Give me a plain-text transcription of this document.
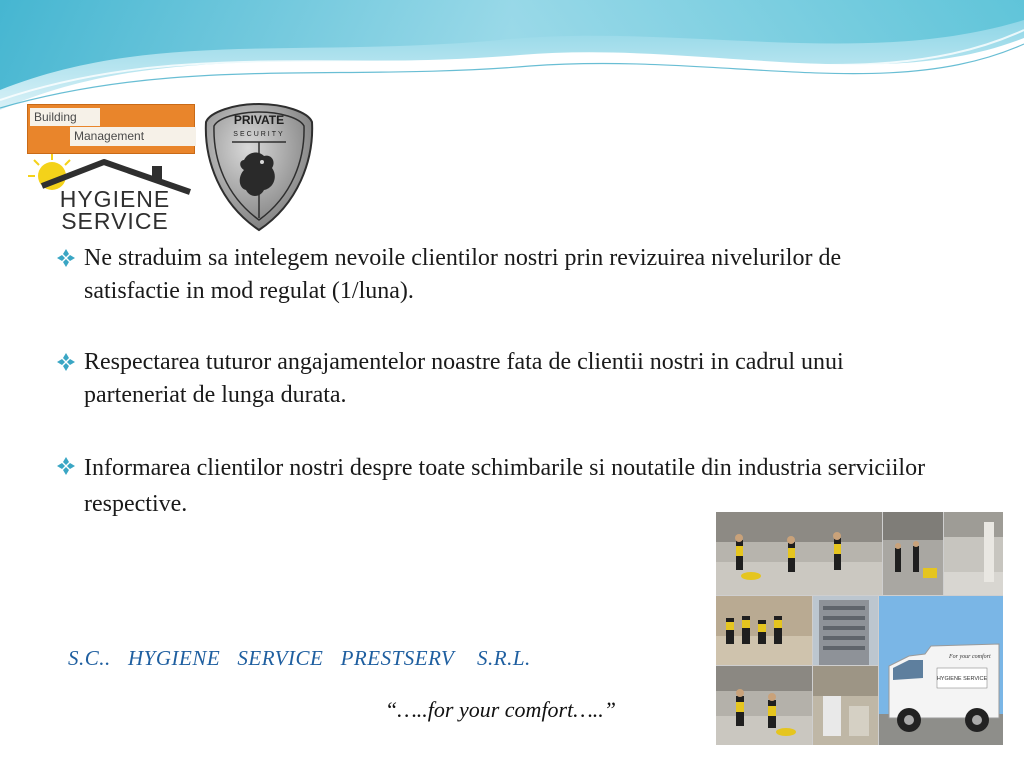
Building
Management
HYGIENE
SERVICE
PRIVATE
SECURITY
Ne straduim sa intelegem nevoile clientilor nostri prin revizuirea nivelurilor de satisfactie in mod regulat (1/luna).
Respectarea tuturor angajamentelor noastre fata de clientii nostri in cadrul unui parteneriat de lunga durata.
Informarea clientilor nostri despre toate schimbarile si noutatile din industria serviciilor respective.
S.C..   HYGIENE   SERVICE   PRESTSERV    S.R.L.
“…..for your comfort…..”
For your comfort
HYGIENE SERVICE
